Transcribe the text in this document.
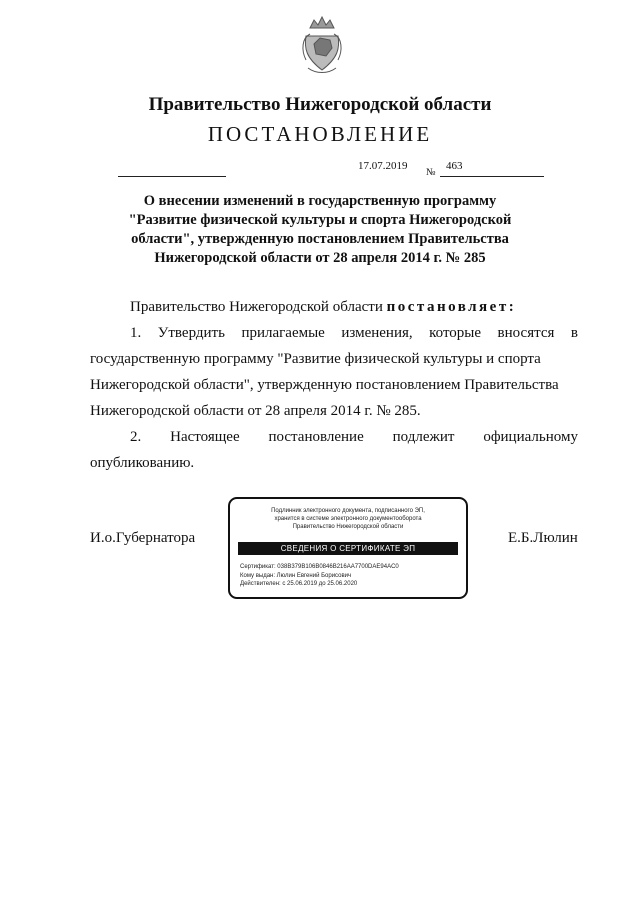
Правительство Нижегородской области
ПОСТАНОВЛЕНИЕ
17.07.2019
№
463
О внесении изменений в государственную программу
"Развитие физической культуры и спорта Нижегородской
области", утвержденную постановлением Правительства
Нижегородской области от 28 апреля 2014 г. № 285
Правительство Нижегородской области постановляет:
1. Утвердить прилагаемые изменения, которые вносятся в
государственную программу "Развитие физической культуры и спорта
Нижегородской области", утвержденную постановлением Правительства
Нижегородской области от 28 апреля 2014 г. № 285.
2. Настоящее постановление подлежит официальному
опубликованию.
И.о.Губернатора
Подлинник электронного документа, подписанного ЭП,
хранится в системе электронного документооборота
Правительство Нижегородской области
СВЕДЕНИЯ О СЕРТИФИКАТЕ ЭП
Сертификат: 038B379B106B0846B216AA7700DAE94AC0
Кому выдан: Люлин Евгений Борисович
Действителен: с 25.06.2019 до 25.06.2020
Е.Б.Люлин
